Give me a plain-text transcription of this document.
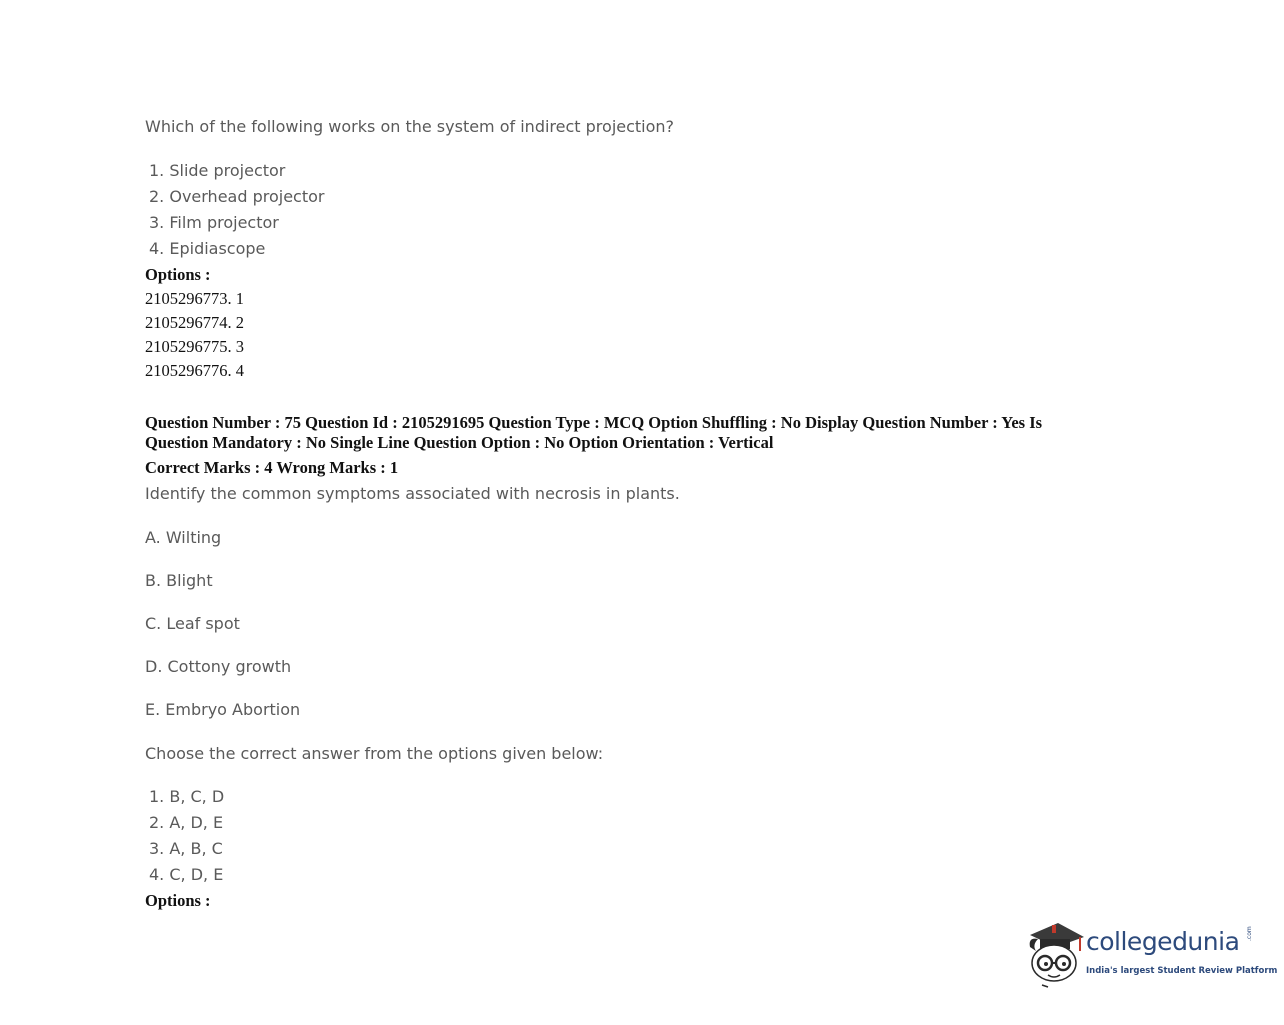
Which of the following works on the system of indirect projection?
1. Slide projector
2. Overhead projector
3. Film projector
4. Epidiascope
Options :
2105296773. 1
2105296774. 2
2105296775. 3
2105296776. 4
Question Number : 75 Question Id : 2105291695 Question Type : MCQ Option Shuffling : No Display Question Number : Yes Is Question Mandatory : No Single Line Question Option : No Option Orientation : Vertical
Correct Marks : 4 Wrong Marks : 1
Identify the common symptoms associated with necrosis in plants.
A. Wilting
B. Blight
C. Leaf spot
D. Cottony growth
E. Embryo Abortion
Choose the correct answer from the options given below:
1. B, C, D
2. A, D, E
3. A, B, C
4. C, D, E
Options :
collegedunia .com
India's largest Student Review Platform
